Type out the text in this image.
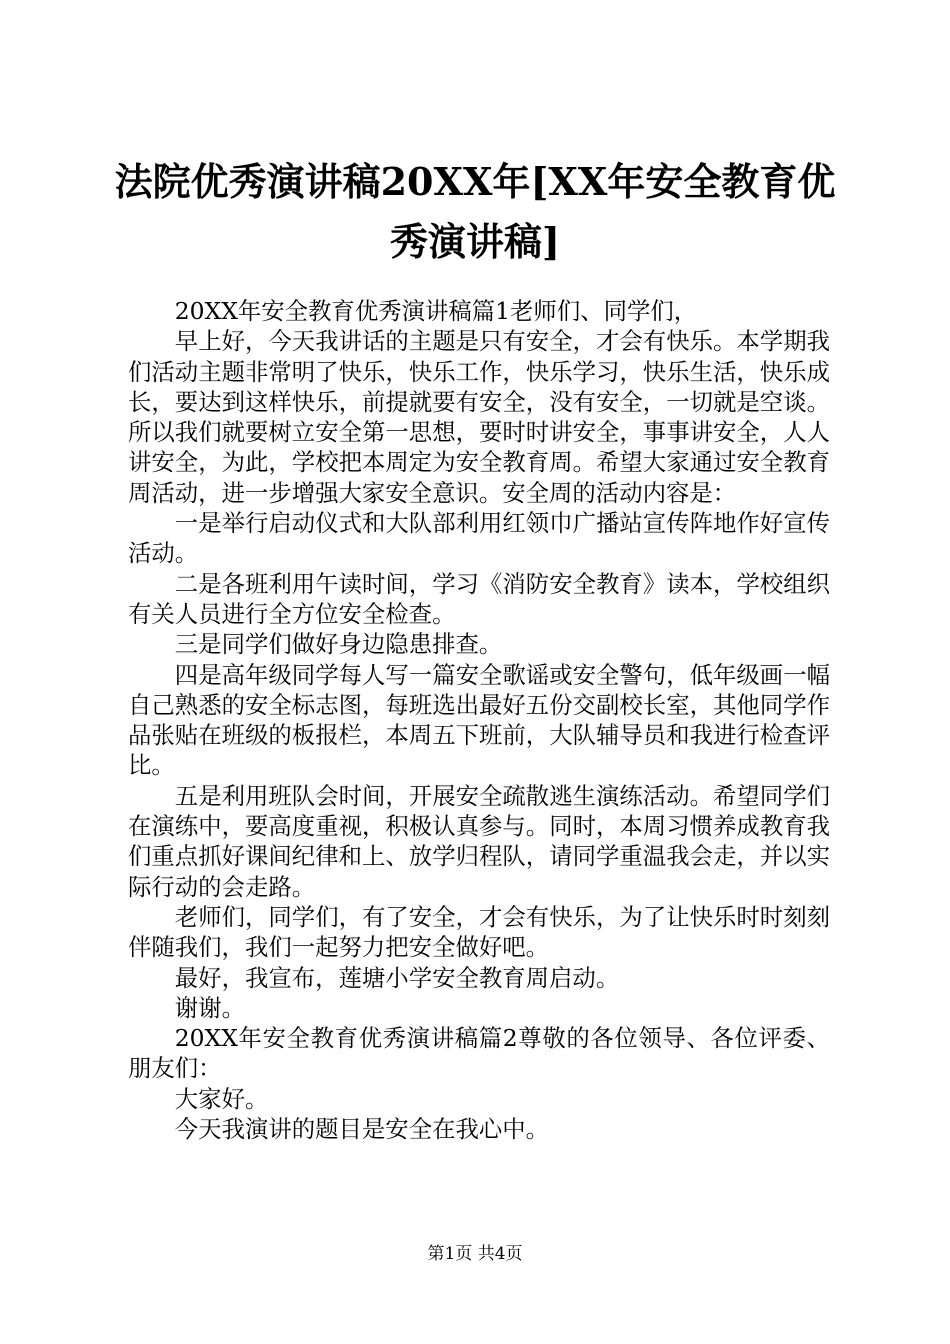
法院优秀演讲稿20XX年[XX年安全教育优秀演讲稿]

20XX年安全教育优秀演讲稿篇1老师们、同学们，

早上好，今天我讲话的主题是只有安全，才会有快乐。本学期我们活动主题非常明了快乐，快乐工作，快乐学习，快乐生活，快乐成长，要达到这样快乐，前提就要有安全，没有安全，一切就是空谈。所以我们就要树立安全第一思想，要时时讲安全，事事讲安全，人人讲安全，为此，学校把本周定为安全教育周。希望大家通过安全教育周活动，进一步增强大家安全意识。安全周的活动内容是：

一是举行启动仪式和大队部利用红领巾广播站宣传阵地作好宣传活动。

二是各班利用午读时间，学习《消防安全教育》读本，学校组织有关人员进行全方位安全检查。

三是同学们做好身边隐患排查。

四是高年级同学每人写一篇安全歌谣或安全警句，低年级画一幅自己熟悉的安全标志图，每班选出最好五份交副校长室，其他同学作品张贴在班级的板报栏，本周五下班前，大队辅导员和我进行检查评比。

五是利用班队会时间，开展安全疏散逃生演练活动。希望同学们在演练中，要高度重视，积极认真参与。同时，本周习惯养成教育我们重点抓好课间纪律和上、放学归程队，请同学重温我会走，并以实际行动的会走路。

老师们，同学们，有了安全，才会有快乐，为了让快乐时时刻刻伴随我们，我们一起努力把安全做好吧。

最好，我宣布，莲塘小学安全教育周启动。

谢谢。

20XX年安全教育优秀演讲稿篇2尊敬的各位领导、各位评委、朋友们：

大家好。

今天我演讲的题目是安全在我心中。

第1页 共4页
